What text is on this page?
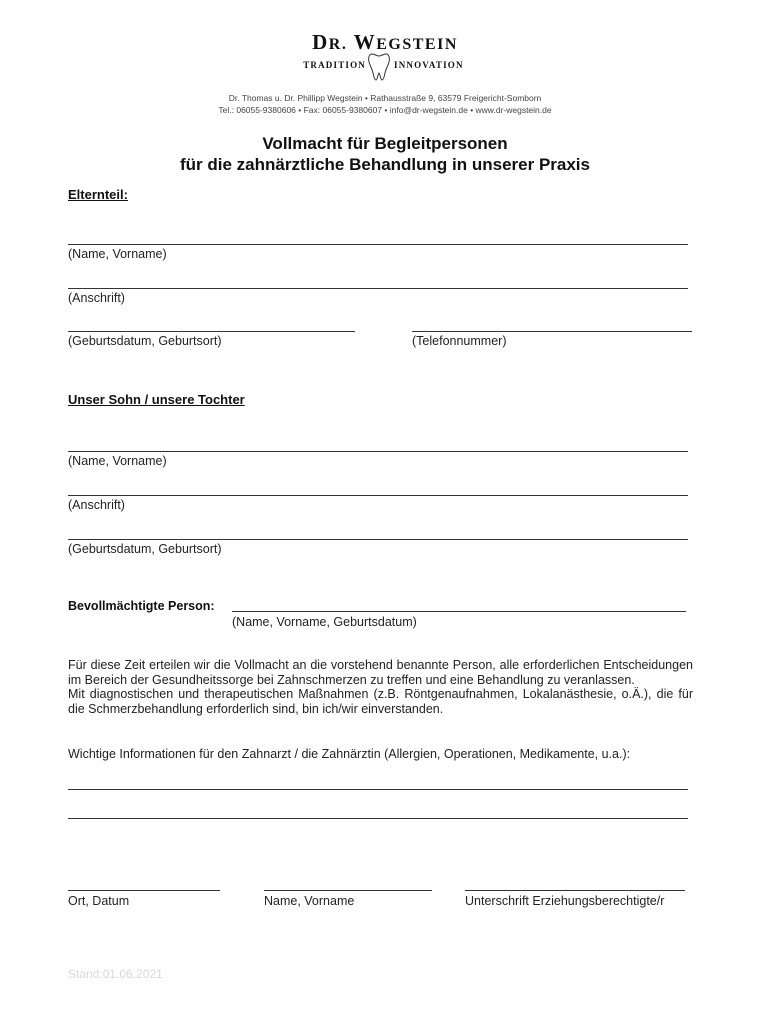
DR. WEGSTEIN
TRADITION	INNOVATION
Dr. Thomas u. Dr. Phillipp Wegstein • Rathausstraße 9, 63579 Freigericht-Somborn
Tel.: 06055-9380606 • Fax: 06055-9380607 • info@dr-wegstein.de • www.dr-wegstein.de
Vollmacht für Begleitpersonen
für die zahnärztliche Behandlung in unserer Praxis
Elternteil:
(Name, Vorname)
(Anschrift)
(Geburtsdatum, Geburtsort)	(Telefonnummer)
Unser Sohn / unsere Tochter
(Name, Vorname)
(Anschrift)
(Geburtsdatum, Geburtsort)
Bevollmächtigte Person:
(Name, Vorname, Geburtsdatum)

Für diese Zeit erteilen wir die Vollmacht an die vorstehend benannte Person, alle erforderlichen Entscheidungen im Bereich der Gesundheitssorge bei Zahnschmerzen zu treffen und eine Behandlung zu veranlassen.

Mit diagnostischen und therapeutischen Maßnahmen (z.B. Röntgenaufnahmen, Lokalanästhesie, o.Ä.), die für die Schmerzbehandlung erforderlich sind, bin ich/wir einverstanden.

Wichtige Informationen für den Zahnarzt / die Zahnärztin (Allergien, Operationen, Medikamente, u.a.):
Ort, Datum	Name, Vorname	Unterschrift Erziehungsberechtigte/r
Stand:01.06.2021
